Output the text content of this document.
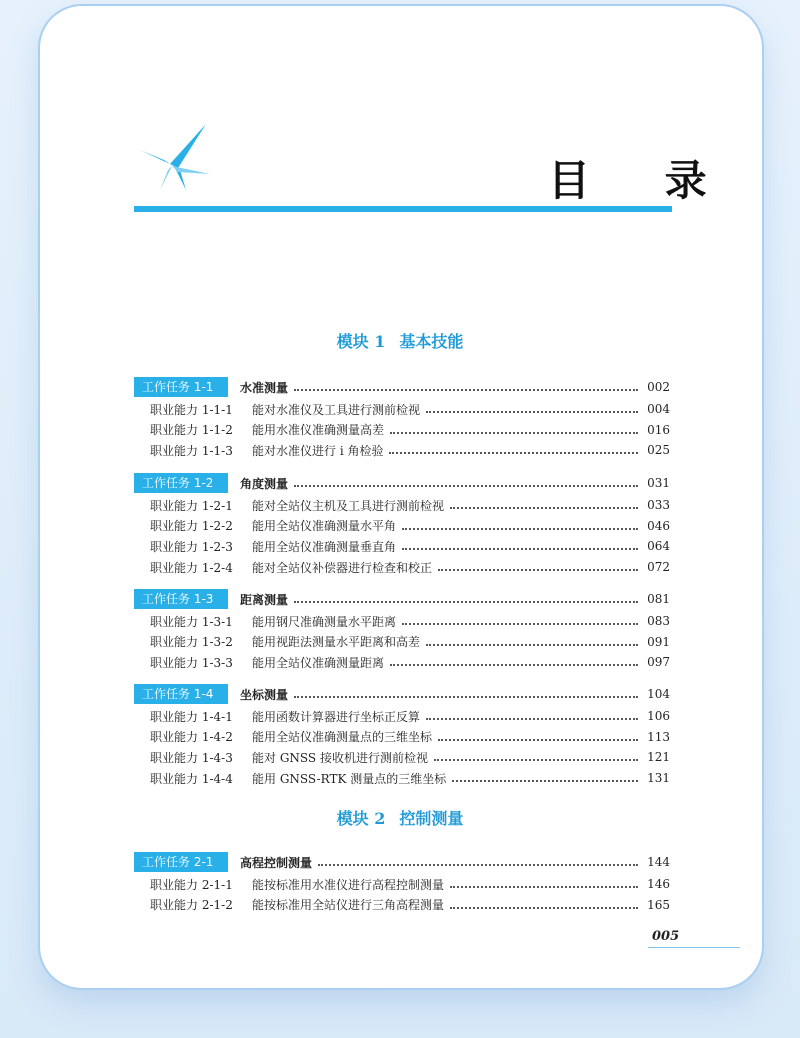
目 录
模块 1 基本技能
工作任务 1-1	水准测量	002
职业能力 1-1-1	能对水准仪及工具进行测前检视	004
职业能力 1-1-2	能用水准仪准确测量高差	016
职业能力 1-1-3	能对水准仪进行 i 角检验	025
工作任务 1-2	角度测量	031
职业能力 1-2-1	能对全站仪主机及工具进行测前检视	033
职业能力 1-2-2	能用全站仪准确测量水平角	046
职业能力 1-2-3	能用全站仪准确测量垂直角	064
职业能力 1-2-4	能对全站仪补偿器进行检查和校正	072
工作任务 1-3	距离测量	081
职业能力 1-3-1	能用钢尺准确测量水平距离	083
职业能力 1-3-2	能用视距法测量水平距离和高差	091
职业能力 1-3-3	能用全站仪准确测量距离	097
工作任务 1-4	坐标测量	104
职业能力 1-4-1	能用函数计算器进行坐标正反算	106
职业能力 1-4-2	能用全站仪准确测量点的三维坐标	113
职业能力 1-4-3	能对 GNSS 接收机进行测前检视	121
职业能力 1-4-4	能用 GNSS-RTK 测量点的三维坐标	131
模块 2 控制测量
工作任务 2-1	高程控制测量	144
职业能力 2-1-1	能按标准用水准仪进行高程控制测量	146
职业能力 2-1-2	能按标准用全站仪进行三角高程测量	165
005
